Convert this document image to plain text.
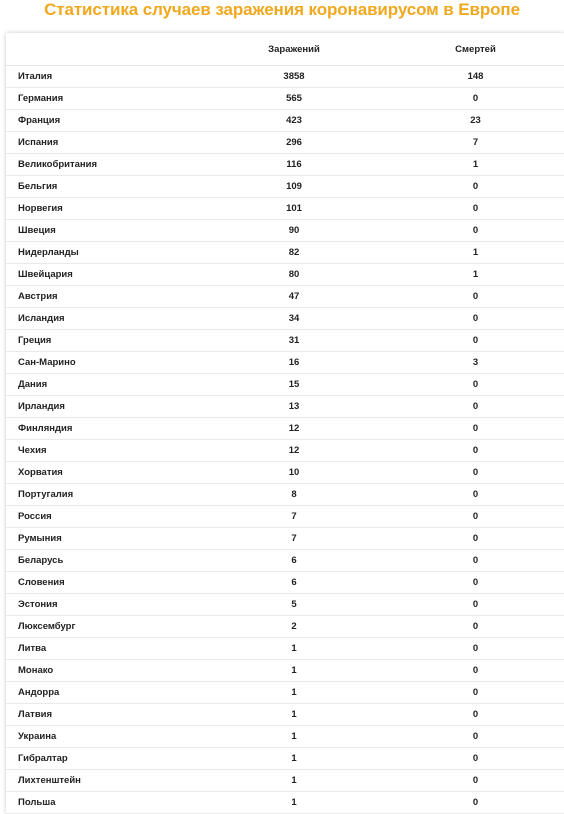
Статистика случаев заражения коронавирусом в Европе
	Заражений	Смертей
Италия	3858	148
Германия	565	0
Франция	423	23
Испания	296	7
Великобритания	116	1
Бельгия	109	0
Норвегия	101	0
Швеция	90	0
Нидерланды	82	1
Швейцария	80	1
Австрия	47	0
Исландия	34	0
Греция	31	0
Сан-Марино	16	3
Дания	15	0
Ирландия	13	0
Финляндия	12	0
Чехия	12	0
Хорватия	10	0
Португалия	8	0
Россия	7	0
Румыния	7	0
Беларусь	6	0
Словения	6	0
Эстония	5	0
Люксембург	2	0
Литва	1	0
Монако	1	0
Андорра	1	0
Латвия	1	0
Украина	1	0
Гибралтар	1	0
Лихтенштейн	1	0
Польша	1	0
